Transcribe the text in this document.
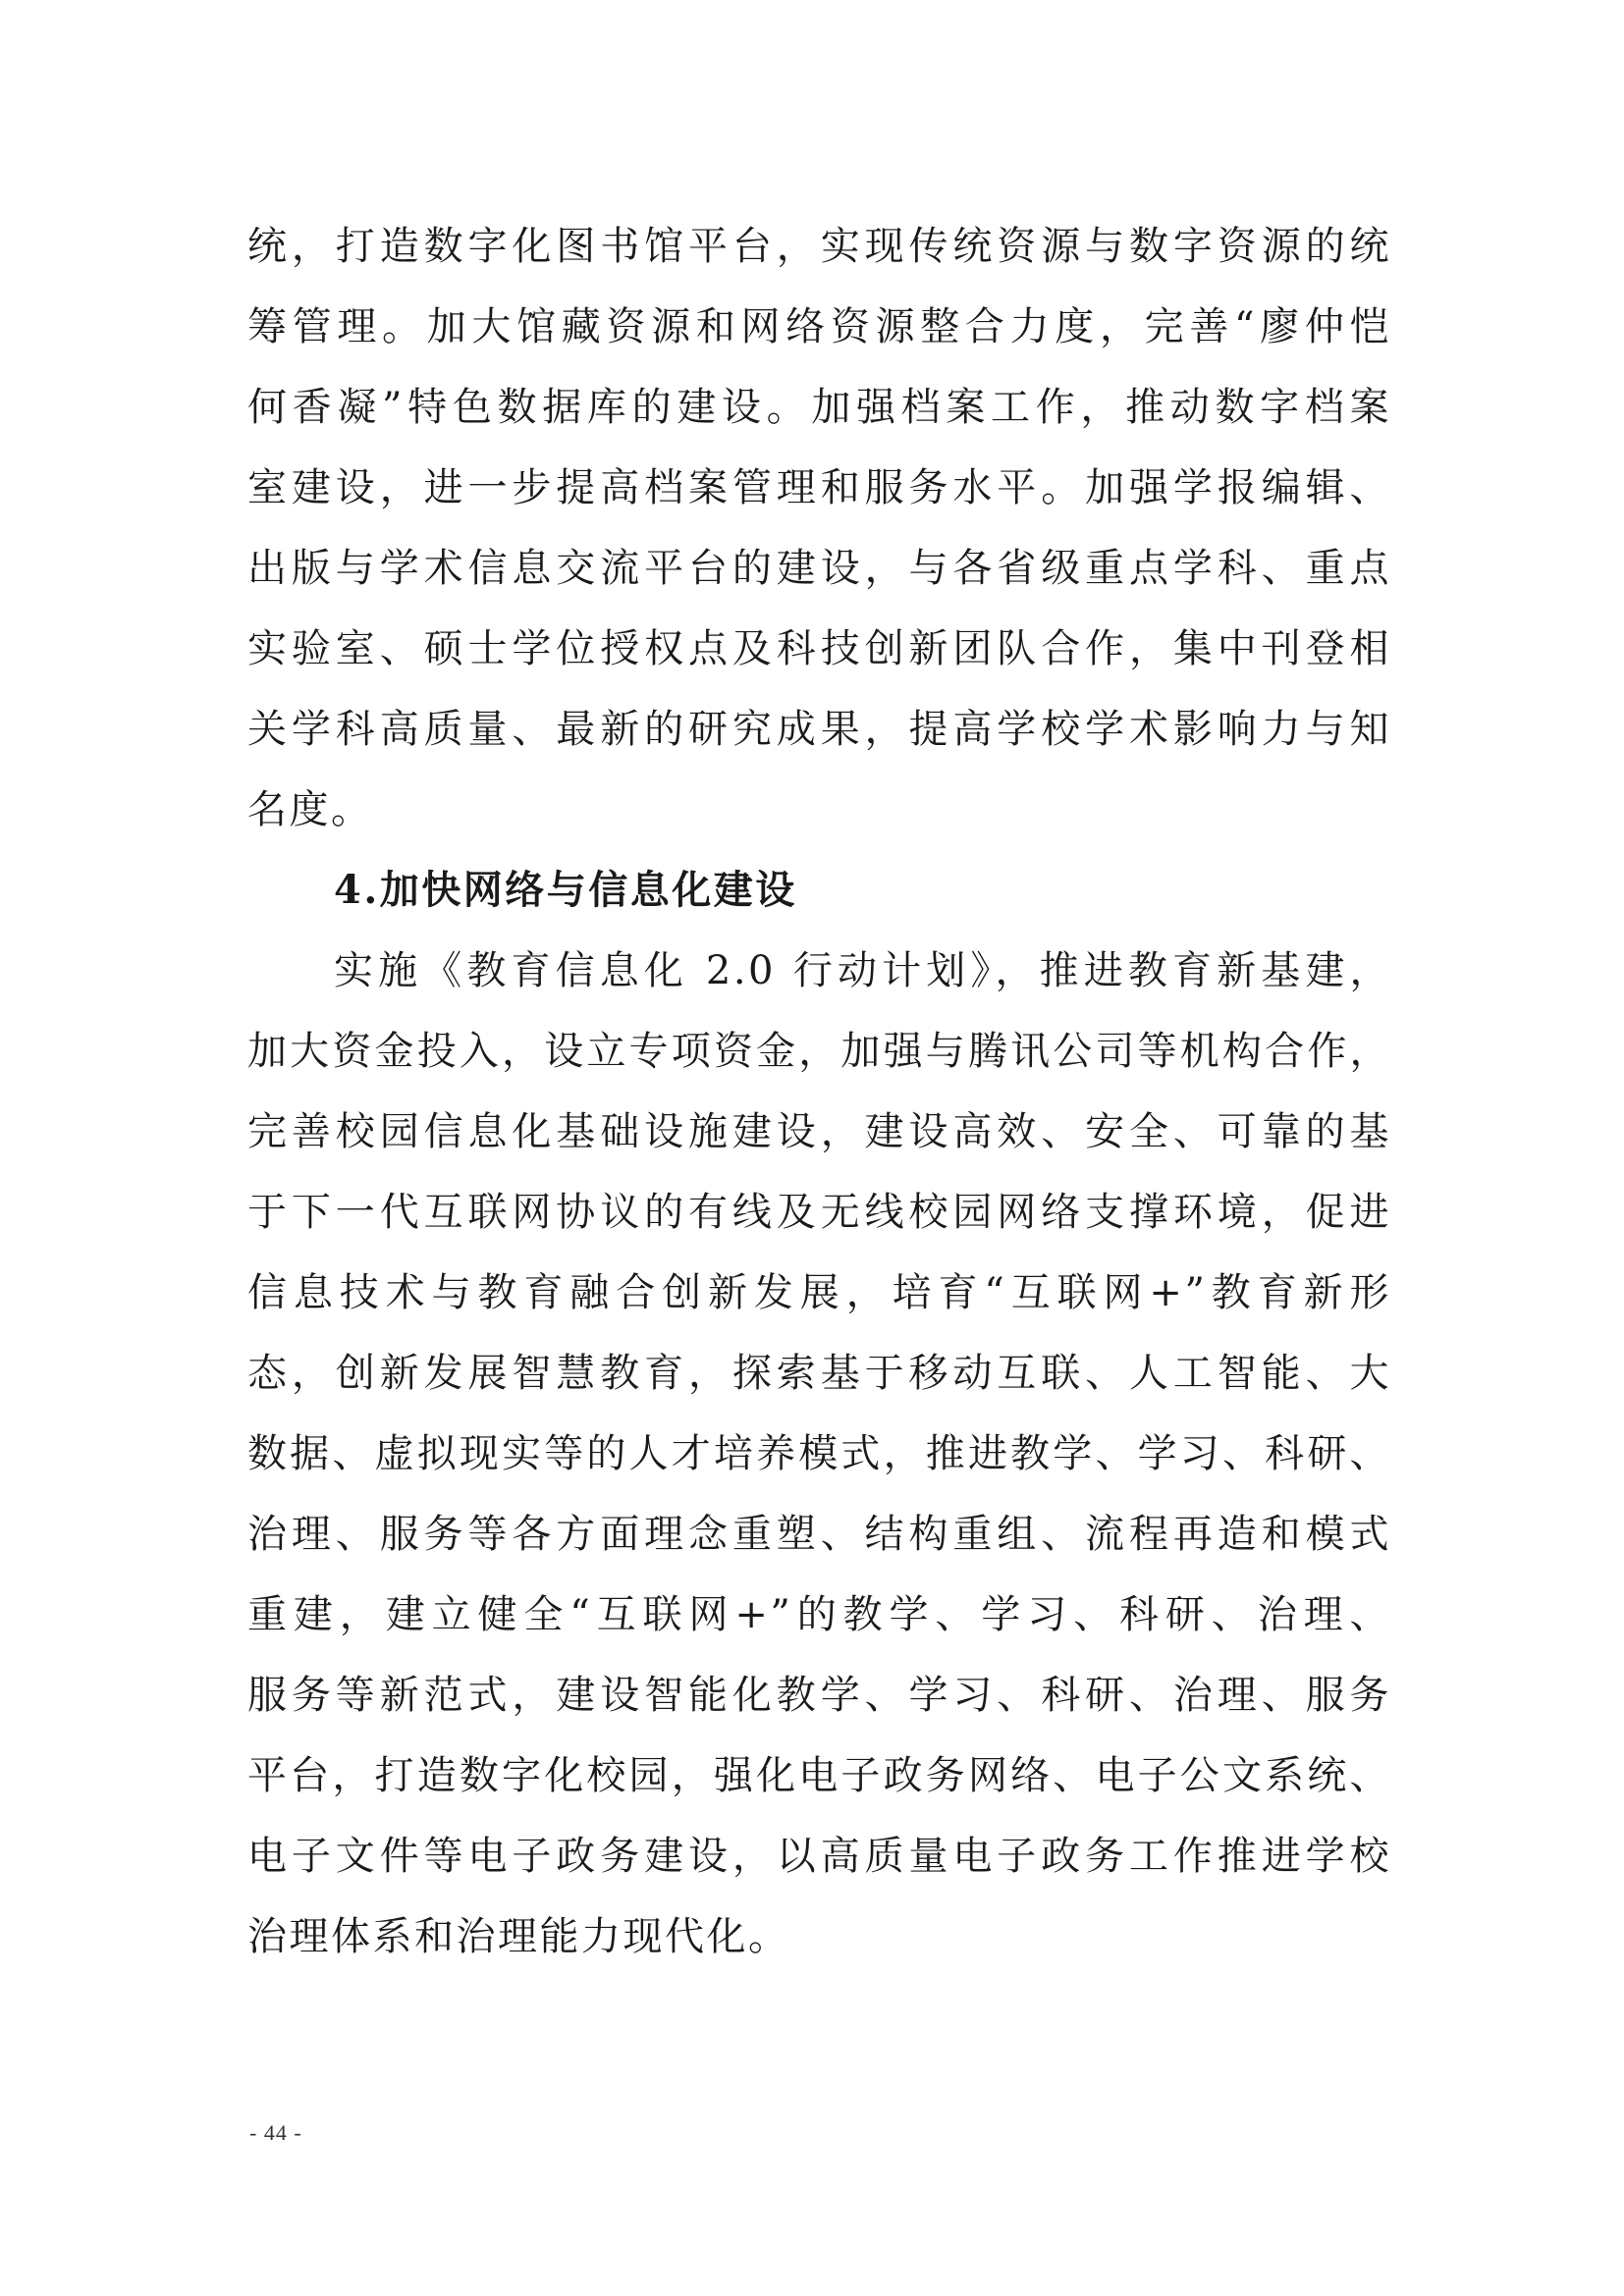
统，打造数字化图书馆平台，实现传统资源与数字资源的统
筹管理。加大馆藏资源和网络资源整合力度，完善“廖仲恺
何香凝”特色数据库的建设。加强档案工作，推动数字档案
室建设，进一步提高档案管理和服务水平。加强学报编辑、
出版与学术信息交流平台的建设，与各省级重点学科、重点
实验室、硕士学位授权点及科技创新团队合作，集中刊登相
关学科高质量、最新的研究成果，提高学校学术影响力与知
名度。
4.加快网络与信息化建设
实施《教育信息化 2.0 行动计划》，推进教育新基建，
加大资金投入，设立专项资金，加强与腾讯公司等机构合作，
完善校园信息化基础设施建设，建设高效、安全、可靠的基
于下一代互联网协议的有线及无线校园网络支撑环境，促进
信息技术与教育融合创新发展，培育“互联网+”教育新形
态，创新发展智慧教育，探索基于移动互联、人工智能、大
数据、虚拟现实等的人才培养模式，推进教学、学习、科研、
治理、服务等各方面理念重塑、结构重组、流程再造和模式
重建，建立健全“互联网+”的教学、学习、科研、治理、
服务等新范式，建设智能化教学、学习、科研、治理、服务
平台，打造数字化校园，强化电子政务网络、电子公文系统、
电子文件等电子政务建设，以高质量电子政务工作推进学校
治理体系和治理能力现代化。
- 44 -
